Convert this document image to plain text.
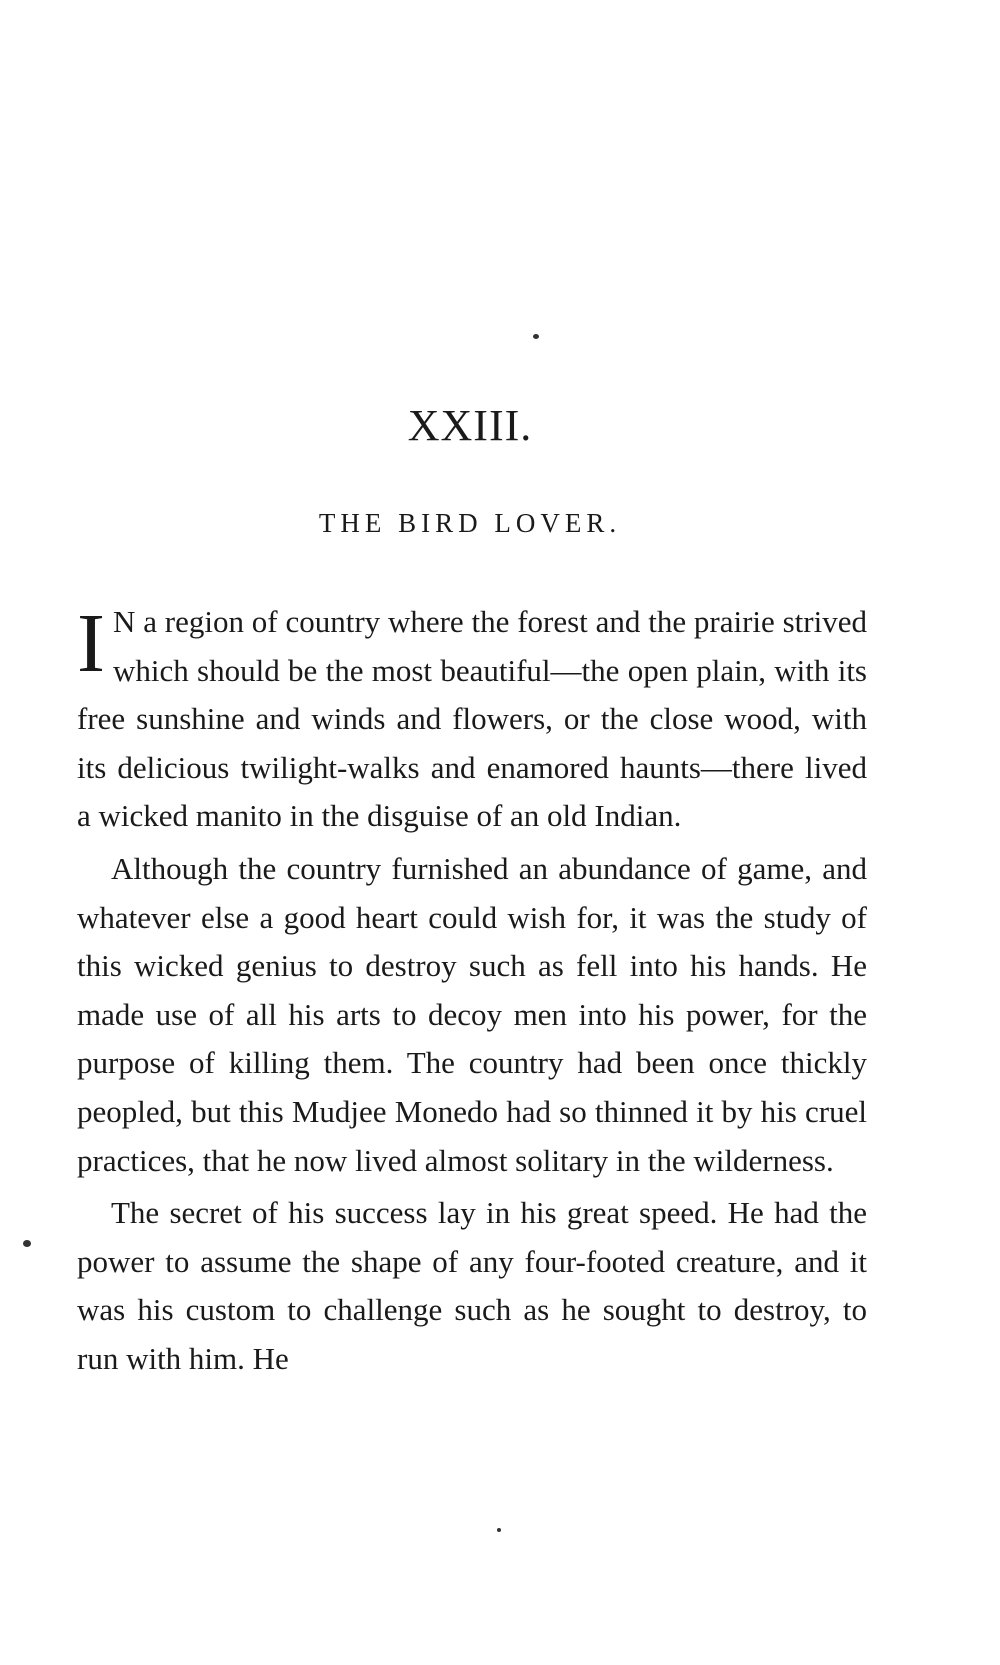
XXIII.
THE BIRD LOVER.

I N a region of country where the forest and the prairie strived which should be the most beautiful—the open plain, with its free sunshine and winds and flowers, or the close wood, with its delicious twilight-walks and enamored haunts—there lived a wicked manito in the disguise of an old Indian.

Although the country furnished an abundance of game, and whatever else a good heart could wish for, it was the study of this wicked genius to destroy such as fell into his hands. He made use of all his arts to decoy men into his power, for the purpose of killing them. The country had been once thickly peopled, but this Mudjee Monedo had so thinned it by his cruel practices, that he now lived almost solitary in the wilderness.

The secret of his success lay in his great speed. He had the power to assume the shape of any four-footed creature, and it was his custom to challenge such as he sought to destroy, to run with him. He
